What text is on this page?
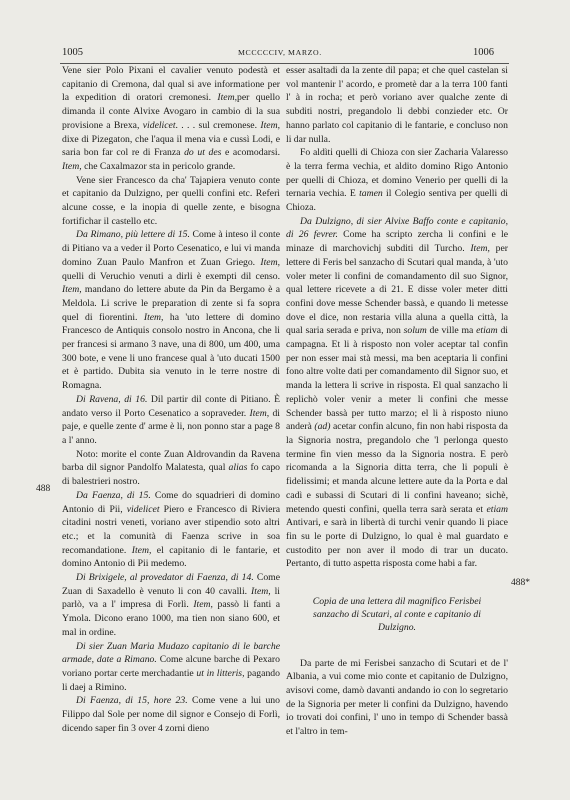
1005	MCCCCCIV, MARZO.	1006

Vene sier Polo Pixani el cavalier venuto podestà et capitanio di Cremona, dal qual si ave informatione per la expedition di oratori cremonesi. Item,per quello dimanda il conte Alvixe Avogaro in cambio di la sua provisione a Brexa, videlicet. . . . sul cremonese. Item, dixe di Pizegaton, che l'aqua il mena via e cussì Lodi, e saria bon far col re di Franza do ut des e acomodarsi. Item, che Caxalmazor sta in pericolo grande.

Vene sier Francesco da cha' Tajapiera venuto conte et capitanio da Dulzigno, per quelli confini etc. Referì alcune cosse, e la inopia di quelle zente, e bisogna fortifichar il castello etc.

Da Rimano, più lettere di 15. Come à inteso il conte di Pitiano va a veder il Porto Cesenatico, e lui vi manda domino Zuan Paulo Manfron et Zuan Griego. Item, quelli di Veruchio venuti a dirli è exempti dil censo. Item, mandano do lettere abute da Pin da Bergamo è a Meldola. Li scrive le preparation di zente si fa sopra quel di fiorentini. Item, ha 'uto lettere di domino Francesco de Antiquis consolo nostro in Ancona, che li per francesi si armano 3 nave, una di 800, um 400, uma 300 bote, e vene li uno francese qual à 'uto ducati 1500 et è partido. Dubita sia venuto in le terre nostre di Romagna.

Di Ravena, di 16. Dil partir dil conte di Pitiano. È andato verso il Porto Cesenatico a sopraveder. Item, di paje, e quelle zente d' arme è li, non ponno star a page 8 a l' anno.

Noto: morite el conte Zuan Aldrovandin da Ravena barba dil signor Pandolfo Malatesta, qual alias fo capo di balestrieri nostro.

Da Faenza, di 15. Come do squadrieri di domino Antonio di Pii, videlicet Piero e Francesco di Riviera citadini nostri veneti, voriano aver stipendio soto altri etc.; et la comunità di Faenza scrive in soa recomandatione. Item, el capitanio di le fantarie, et domino Antonio di Pii medemo.

Di Brixigele, al provedator di Faenza, di 14. Come Zuan di Saxadello è venuto li con 40 cavalli. Item, li parlò, va a l' impresa di Forlì. Item, passò li fanti a Ymola. Dicono erano 1000, ma tien non siano 600, et mal in ordine.

Di sier Zuan Maria Mudazo capitanio di le barche armade, date a Rimano. Come alcune barche di Pexaro voriano portar certe merchadantie ut in litteris, pagando li daej a Rimino.

Di Faenza, di 15, hore 23. Come vene a lui uno Filippo dal Sole per nome dil signor e Consejo di Forlì, dicendo saper fin 3 over 4 zorni dieno

esser asaltadi da la zente dil papa; et che quel castelan si vol mantenir l' acordo, e prometè dar a la terra 100 fanti l' à in rocha; et però voriano aver qualche zente di subditi nostri, pregandolo li debbi conzieder etc. Or hanno parlato col capitanio di le fantarie, e concluso non li dar nulla.

Fo aldìti quelli di Chioza con sier Zacharia Valaresso è la terra ferma vechia, et aldito domino Rigo Antonio per quelli di Chioza, et domino Venerio per quelli di la ternaria vechia. E tamen il Colegio sentiva per quelli di Chioza.

Da Dulzigno, di sier Alvixe Baffo conte e capitanio, di 26 fevrer. Come ha scripto zercha li confini e le minaze di marchovichj subditi dil Turcho. Item, per lettere di Feris bel sanzacho di Scutari qual manda, à 'uto voler meter li confini de comandamento dil suo Signor, qual lettere ricevete a di 21. E disse voler meter ditti confini dove messe Schender bassà, e quando li metesse dove el dice, non restaria villa aluna a quella città, la qual saria serada e priva, non solum de ville ma etiam di campagna. Et li à risposto non voler aceptar tal confin per non esser mai stà messi, ma ben aceptaria li confini fono altre volte dati per comandamento dil Signor suo, et manda la lettera li scrive in risposta. El qual sanzacho li replichò voler venir a meter li confini che messe Schender bassà per tutto marzo; el li à risposto niuno anderà (ad) acetar confin alcuno, fin non habi risposta da la Signoria nostra, pregandolo che 'l perlonga questo termine fin vien messo da la Signoria nostra. E però ricomanda a la Signoria ditta terra, che li populi è fidelissimi; et manda alcune lettere aute da la Porta e dal cadì e subassi di Scutari di li confini haveano; sichè, metendo questi confini, quella terra sarà serata et etiam Antivari, e sarà in libertà di turchi venir quando li piace fin su le porte di Dulzigno, lo qual è mal guardato e custodito per non aver il modo di trar un ducato. Pertanto, di tutto aspetta risposta come habi a far.

Copia de una lettera dil magnifico Ferisbei sanzacho di Scutari, al conte e capitanio di Dulzigno.

Da parte de mi Ferisbei sanzacho di Scutari et de l' Albania, a vui come mio conte et capitanio de Dulzigno, avisovi come, damò davanti andando io con lo segretario de la Signoria per meter li confini da Dulzigno, havendo io trovati doi confini, l' uno in tempo di Schender bassà et l'altro in tem-

488
488*
